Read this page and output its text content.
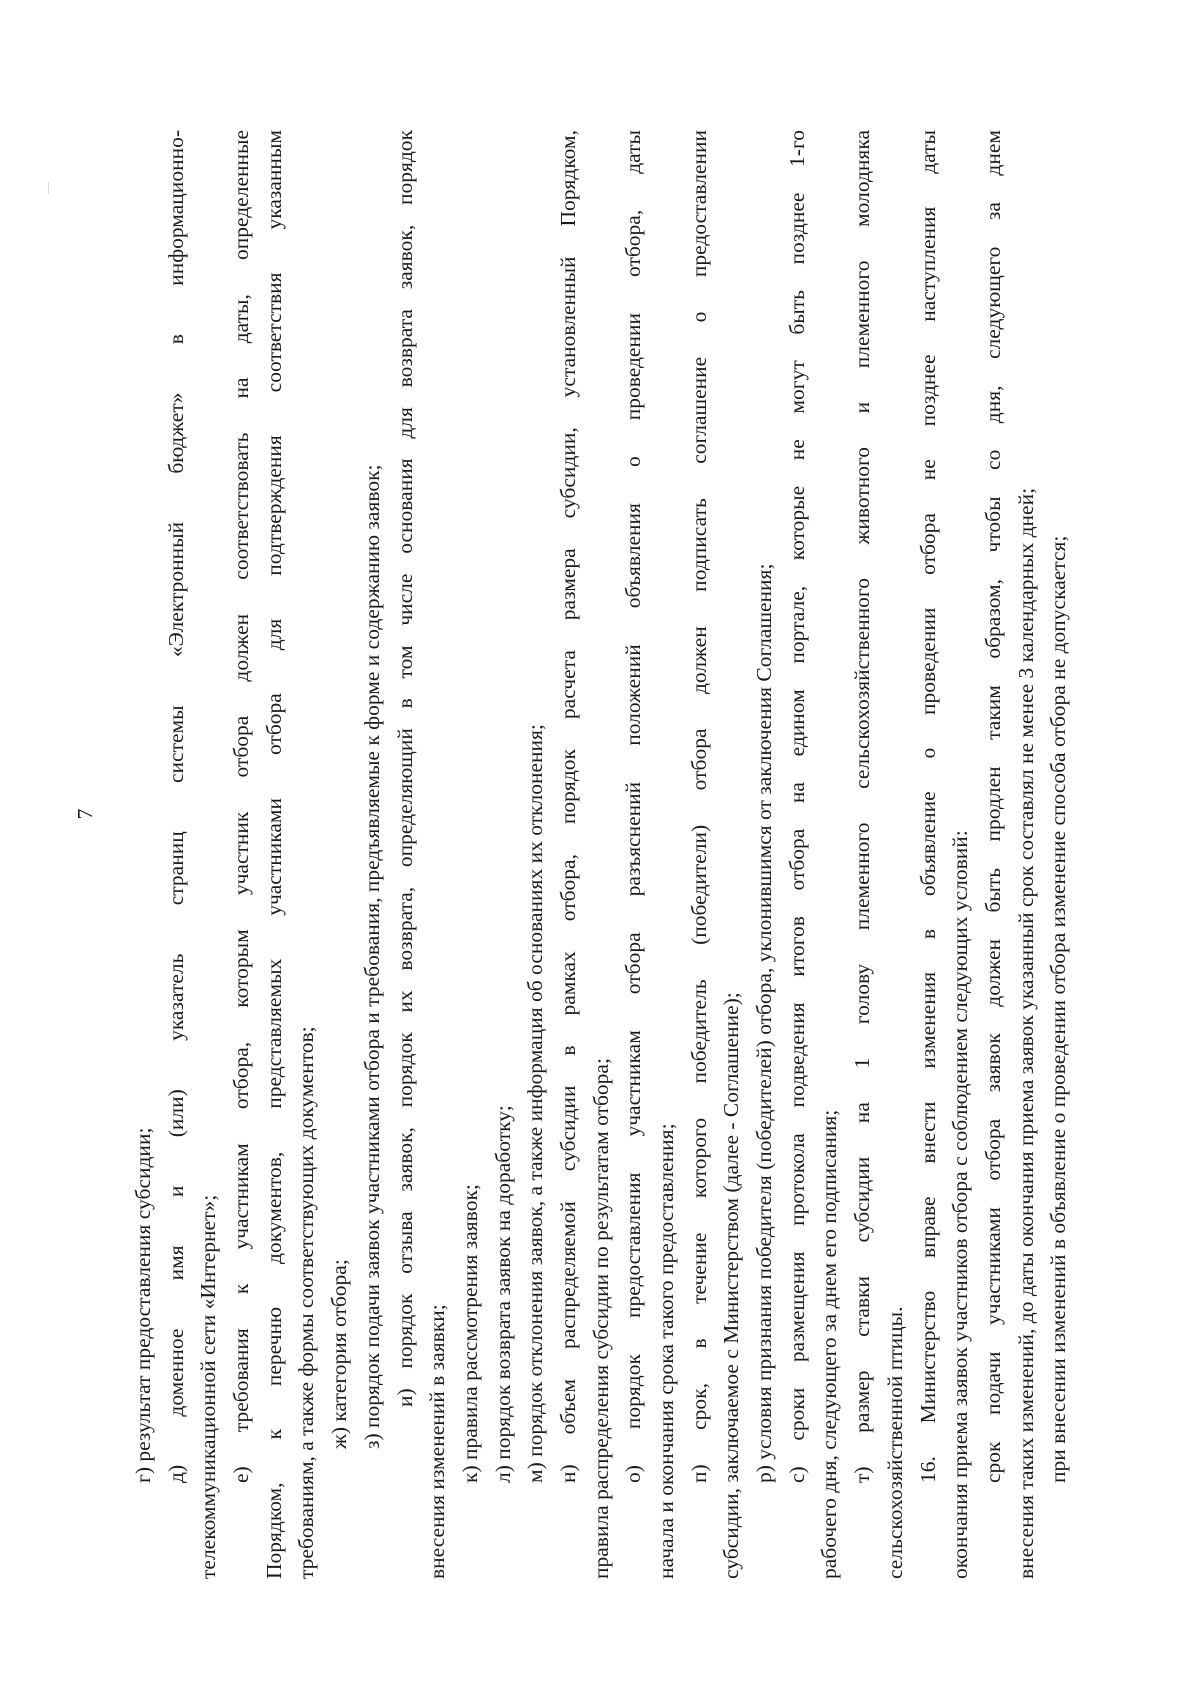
7
г) результат предоставления субсидии; д) доменное имя и (или) указатель страниц системы «Электронный бюджет» в информационно- телекоммуникационной сети «Интернет»; е) требования к участникам отбора, которым участник отбора должен соответствовать на даты, определенные Порядком, к перечню документов, представляемых участниками отбора для подтверждения соответствия указанным требованиям, а также формы соответствующих документов; ж) категория отбора; з) порядок подачи заявок участниками отбора и требования, предъявляемые к форме и содержанию заявок; и) порядок отзыва заявок, порядок их возврата, определяющий в том числе основания для возврата заявок, порядок
внесения изменений в заявки; к) правила рассмотрения заявок; л) порядок возврата заявок на доработку; м) порядок отклонения заявок, а также информация об основаниях их отклонения; н) объем распределяемой субсидии в рамках отбора, порядок расчета размера субсидии, установленный Порядком, правила распределения субсидии по результатам отбора; о) порядок предоставления участникам отбора разъяснений положений объявления о проведении отбора, даты начала и окончания срока такого предоставления; п) срок, в течение которого победитель (победители) отбора должен подписать соглашение о предоставлении субсидии, заключаемое с Министерством (далее - Соглашение); р) условия признания победителя (победителей) отбора, уклонившимся от заключения Соглашения; с) сроки размещения протокола подведения итогов отбора на едином портале, которые не могут быть позднее 1-го рабочего дня, следующего за днем его подписания; т) размер ставки субсидии на 1 голову племенного сельскохозяйственного животного и племенного молодняка сельскохозяйственной птицы. 16. Министерство вправе внести изменения в объявление о проведении отбора не позднее наступления даты окончания приема заявок участников отбора с соблюдением следующих условий: срок подачи участниками отбора заявок должен быть продлен таким образом, чтобы со дня, следующего за днем внесения таких изменений, до даты окончания приема заявок указанный срок составлял не менее 3 календарных дней; при внесении изменений в объявление о проведении отбора изменение способа отбора не допускается;
